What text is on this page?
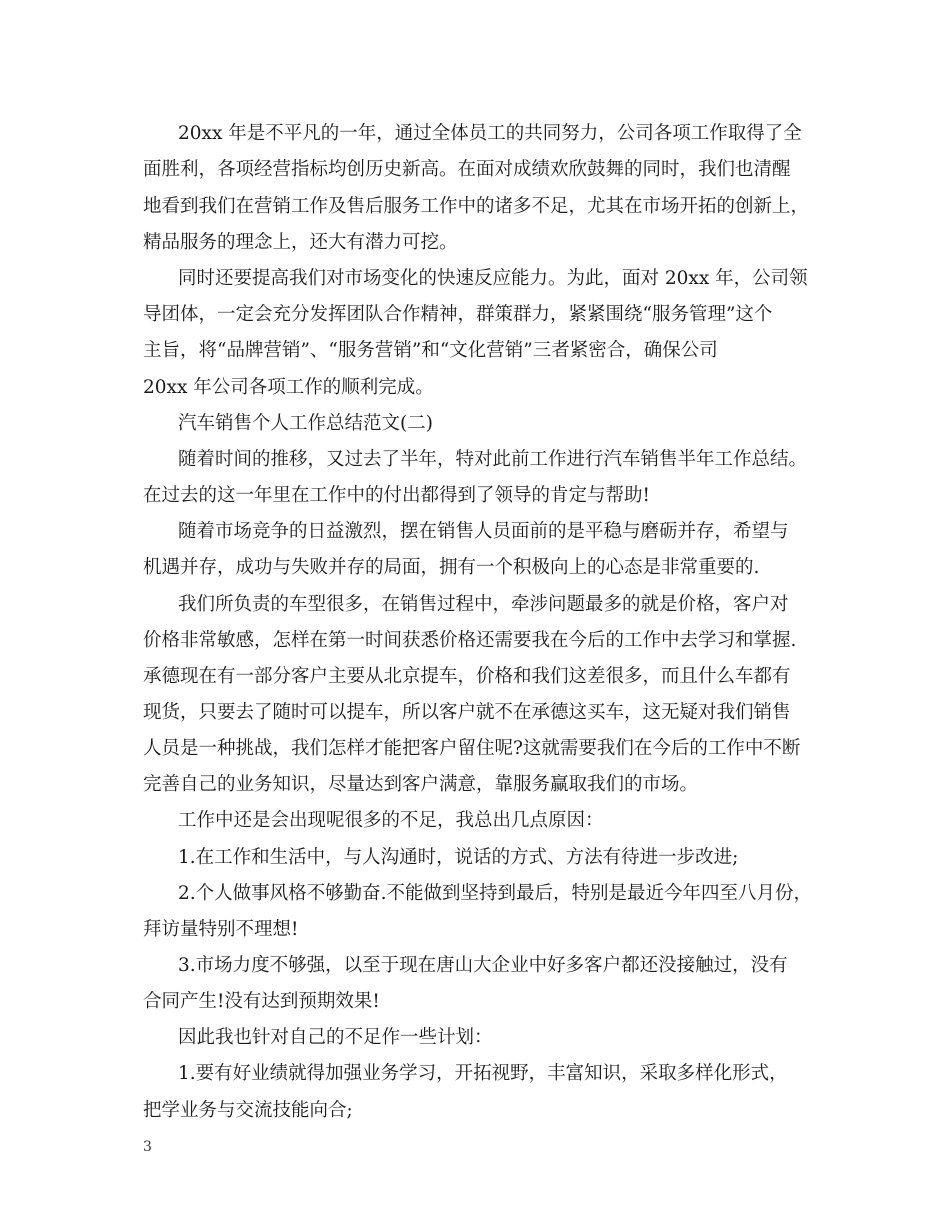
20xx 年是不平凡的一年，通过全体员工的共同努力，公司各项工作取得了全
面胜利，各项经营指标均创历史新高。在面对成绩欢欣鼓舞的同时，我们也清醒
地看到我们在营销工作及售后服务工作中的诸多不足，尤其在市场开拓的创新上，
精品服务的理念上，还大有潜力可挖。
同时还要提高我们对市场变化的快速反应能力。为此，面对 20xx 年，公司领
导团体，一定会充分发挥团队合作精神，群策群力，紧紧围绕“服务管理”这个
主旨，将“品牌营销”、“服务营销”和“文化营销”三者紧密合，确保公司
20xx 年公司各项工作的顺利完成。
汽车销售个人工作总结范文(二)
随着时间的推移，又过去了半年，特对此前工作进行汽车销售半年工作总结。
在过去的这一年里在工作中的付出都得到了领导的肯定与帮助!
随着市场竞争的日益激烈，摆在销售人员面前的是平稳与磨砺并存，希望与
机遇并存，成功与失败并存的局面，拥有一个积极向上的心态是非常重要的.
我们所负责的车型很多，在销售过程中，牵涉问题最多的就是价格，客户对
价格非常敏感，怎样在第一时间获悉价格还需要我在今后的工作中去学习和掌握.
承德现在有一部分客户主要从北京提车，价格和我们这差很多，而且什么车都有
现货，只要去了随时可以提车，所以客户就不在承德这买车，这无疑对我们销售
人员是一种挑战，我们怎样才能把客户留住呢?这就需要我们在今后的工作中不断
完善自己的业务知识，尽量达到客户满意，靠服务赢取我们的市场。
工作中还是会出现呢很多的不足，我总出几点原因：
1.在工作和生活中，与人沟通时，说话的方式、方法有待进一步改进;
2.个人做事风格不够勤奋.不能做到坚持到最后，特别是最近今年四至八月份，
拜访量特别不理想!
3.市场力度不够强，以至于现在唐山大企业中好多客户都还没接触过，没有
合同产生!没有达到预期效果!
因此我也针对自己的不足作一些计划：
1.要有好业绩就得加强业务学习，开拓视野，丰富知识，采取多样化形式，
把学业务与交流技能向合;
3
